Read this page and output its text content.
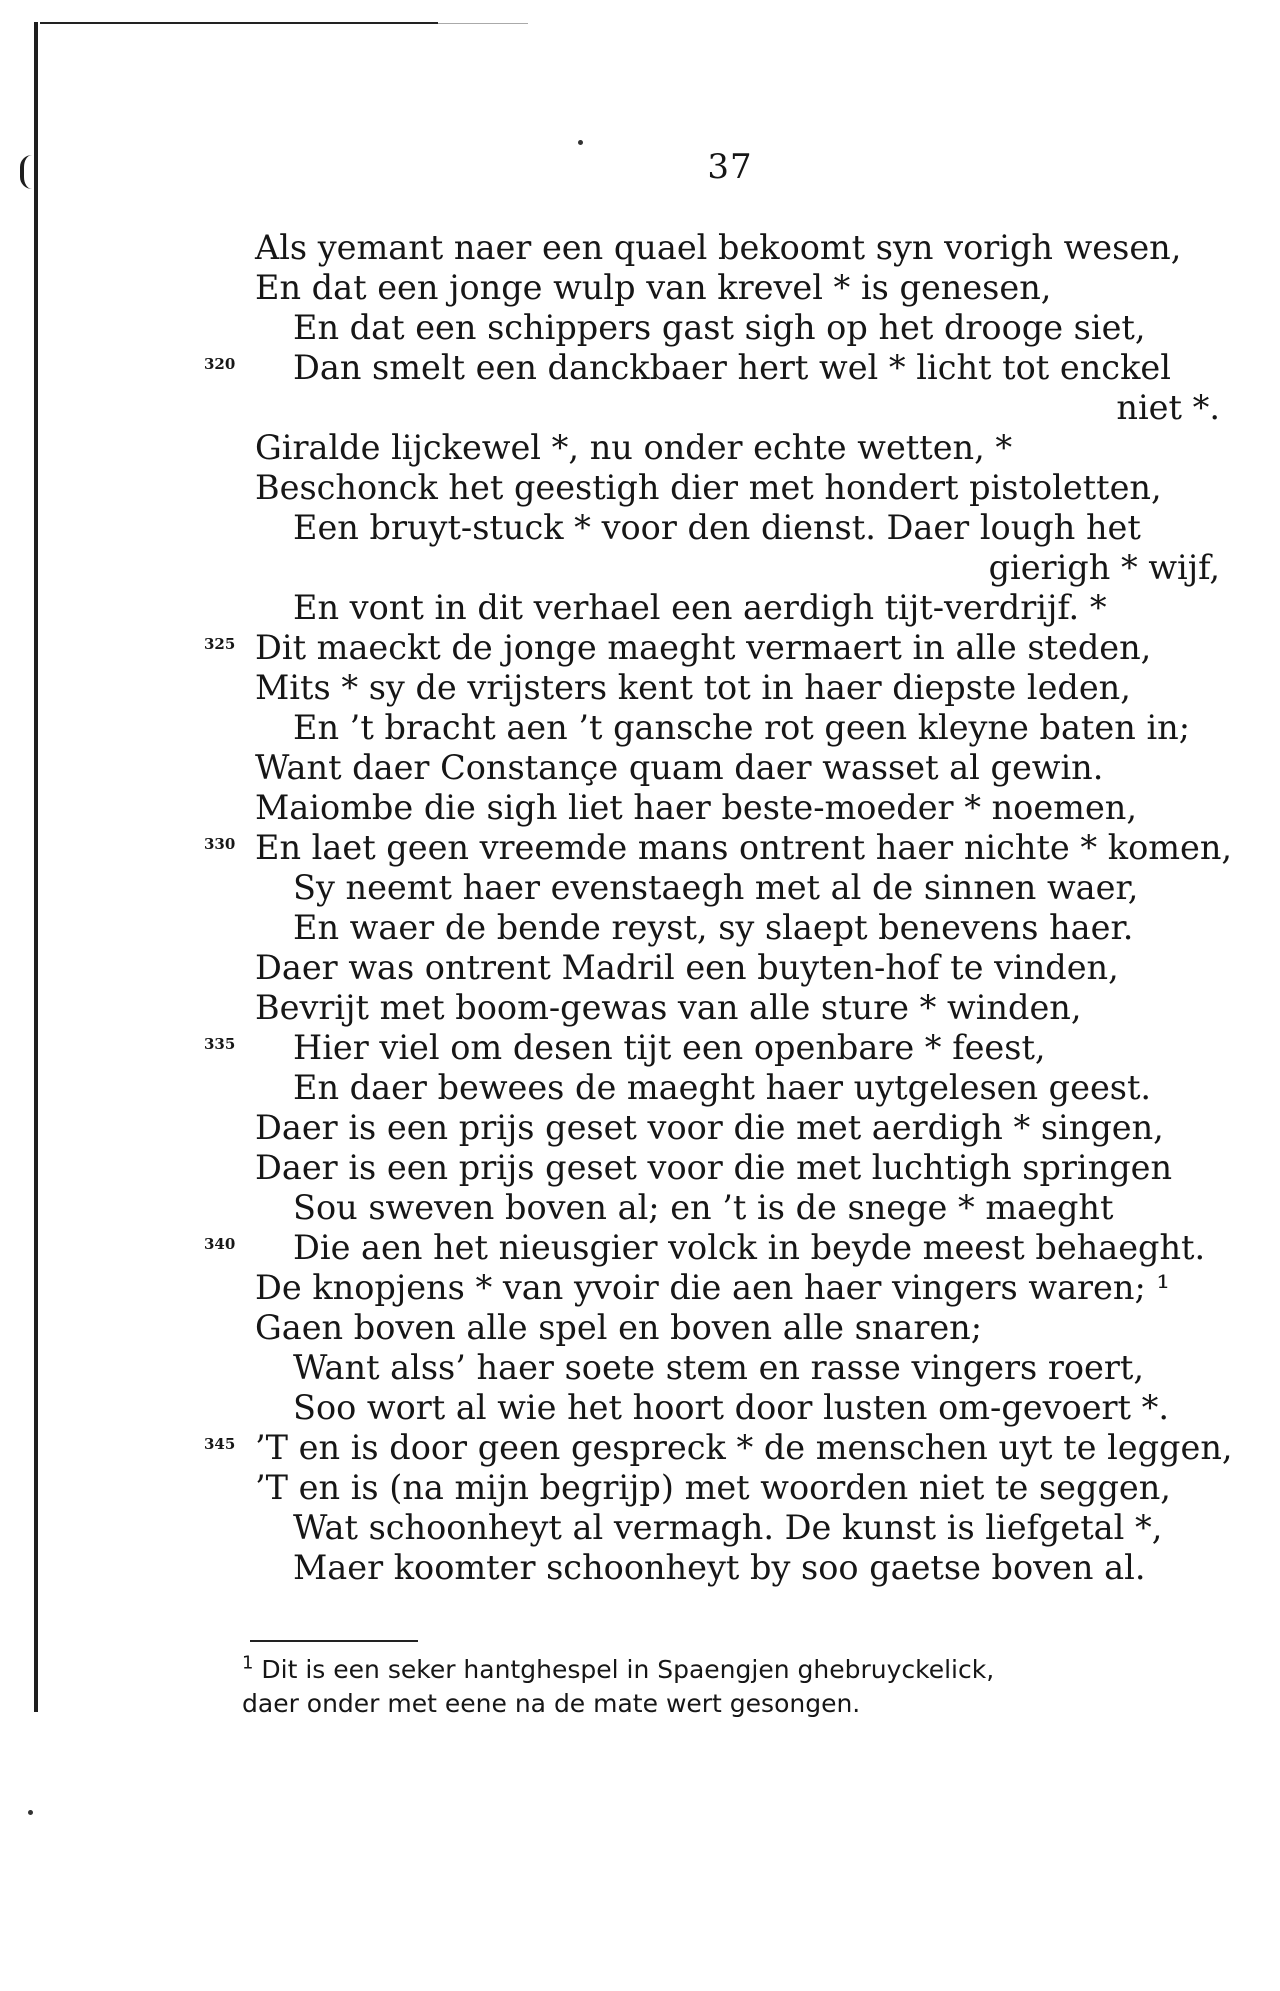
37
Als yemant naer een quael bekoomt syn vorigh wesen,
En dat een jonge wulp van krevel * is genesen,
En dat een schippers gast sigh op het drooge siet,
320 Dan smelt een danckbaer hert wel * licht tot enckel
niet *.
Giralde lijckewel *, nu onder echte wetten, *
Beschonck het geestigh dier met hondert pistoletten,
Een bruyt-stuck * voor den dienst. Daer lough het
gierigh * wijf,
En vont in dit verhael een aerdigh tijt-verdrijf. *
325 Dit maeckt de jonge maeght vermaert in alle steden,
Mits * sy de vrijsters kent tot in haer diepste leden,
En ’t bracht aen ’t gansche rot geen kleyne baten in;
Want daer Constançe quam daer wasset al gewin.
Maiombe die sigh liet haer beste-moeder * noemen,
330 En laet geen vreemde mans ontrent haer nichte * komen,
Sy neemt haer evenstaegh met al de sinnen waer,
En waer de bende reyst, sy slaept benevens haer.
Daer was ontrent Madril een buyten-hof te vinden,
Bevrijt met boom-gewas van alle sture * winden,
335 Hier viel om desen tijt een openbare * feest,
En daer bewees de maeght haer uytgelesen geest.
Daer is een prijs geset voor die met aerdigh * singen,
Daer is een prijs geset voor die met luchtigh springen
Sou sweven boven al; en ’t is de snege * maeght
340 Die aen het nieusgier volck in beyde meest behaeght.
De knopjens * van yvoir die aen haer vingers waren; ¹
Gaen boven alle spel en boven alle snaren;
Want alss’ haer soete stem en rasse vingers roert,
Soo wort al wie het hoort door lusten om-gevoert *.
345 ’T en is door geen gespreck * de menschen uyt te leggen,
’T en is (na mijn begrijp) met woorden niet te seggen,
Wat schoonheyt al vermagh. De kunst is liefgetal *,
Maer koomter schoonheyt by soo gaetse boven al.
$^1$ Dit is een seker hantghespel in Spaengjen ghebruyckelick,
daer onder met eene na de mate wert gesongen.
